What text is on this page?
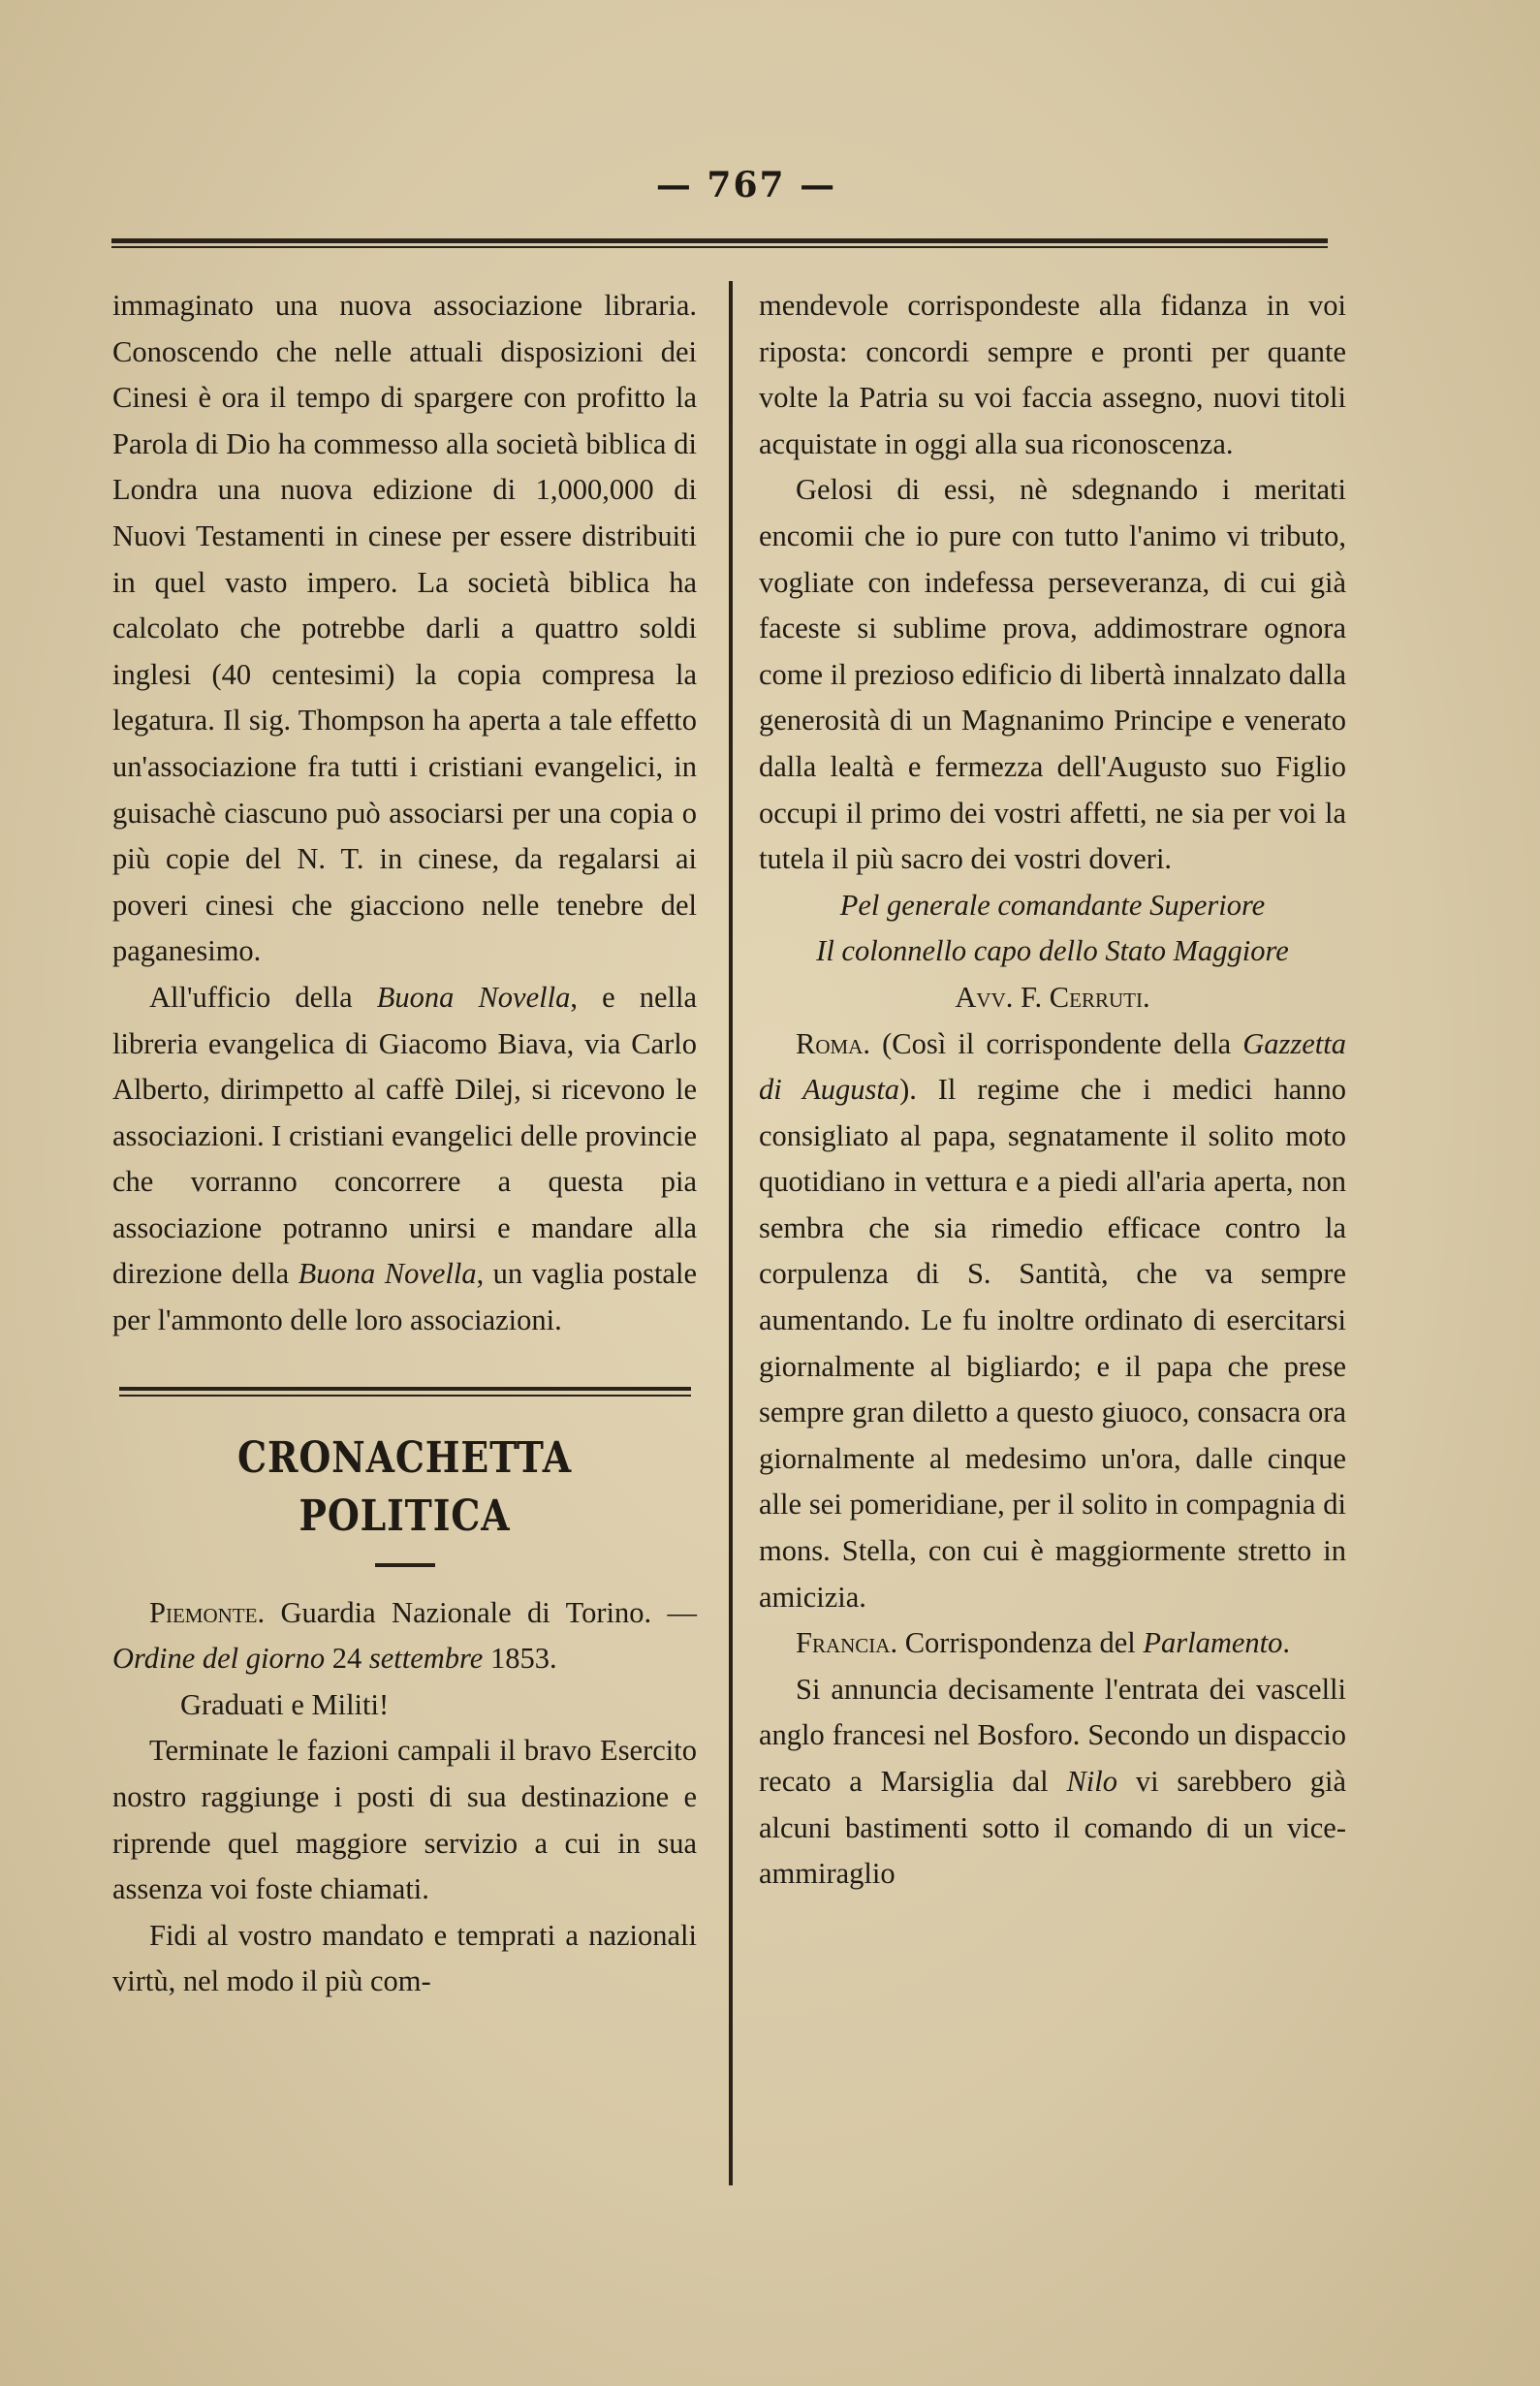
— 767 —

immaginato una nuova associazione libraria. Conoscendo che nelle attuali disposizioni dei Cinesi è ora il tempo di spargere con profitto la Parola di Dio ha commesso alla società biblica di Londra una nuova edizione di 1,000,000 di Nuovi Testamenti in cinese per essere distribuiti in quel vasto impero. La società biblica ha calcolato che potrebbe darli a quattro soldi inglesi (40 centesimi) la copia compresa la legatura. Il sig. Thompson ha aperta a tale effetto un'associazione fra tutti i cristiani evangelici, in guisachè ciascuno può associarsi per una copia o più copie del N. T. in cinese, da regalarsi ai poveri cinesi che giacciono nelle tenebre del paganesimo.

All'ufficio della Buona Novella, e nella libreria evangelica di Giacomo Biava, via Carlo Alberto, dirimpetto al caffè Dilej, si ricevono le associazioni. I cristiani evangelici delle provincie che vorranno concorrere a questa pia associazione potranno unirsi e mandare alla direzione della Buona Novella, un vaglia postale per l'ammonto delle loro associazioni.

CRONACHETTA POLITICA

Piemonte. Guardia Nazionale di Torino. — Ordine del giorno 24 settembre 1853.

Graduati e Militi!

Terminate le fazioni campali il bravo Esercito nostro raggiunge i posti di sua destinazione e riprende quel maggiore servizio a cui in sua assenza voi foste chiamati.

Fidi al vostro mandato e temprati a nazionali virtù, nel modo il più com-

mendevole corrispondeste alla fidanza in voi riposta: concordi sempre e pronti per quante volte la Patria su voi faccia assegno, nuovi titoli acquistate in oggi alla sua riconoscenza.

Gelosi di essi, nè sdegnando i meritati encomii che io pure con tutto l'animo vi tributo, vogliate con indefessa perseveranza, di cui già faceste si sublime prova, addimostrare ognora come il prezioso edificio di libertà innalzato dalla generosità di un Magnanimo Principe e venerato dalla lealtà e fermezza dell'Augusto suo Figlio occupi il primo dei vostri affetti, ne sia per voi la tutela il più sacro dei vostri doveri.

Pel generale comandante Superiore

Il colonnello capo dello Stato Maggiore

Avv. F. Cerruti.

Roma. (Così il corrispondente della Gazzetta di Augusta). Il regime che i medici hanno consigliato al papa, segnatamente il solito moto quotidiano in vettura e a piedi all'aria aperta, non sembra che sia rimedio efficace contro la corpulenza di S. Santità, che va sempre aumentando. Le fu inoltre ordinato di esercitarsi giornalmente al bigliardo; e il papa che prese sempre gran diletto a questo giuoco, consacra ora giornalmente al medesimo un'ora, dalle cinque alle sei pomeridiane, per il solito in compagnia di mons. Stella, con cui è maggiormente stretto in amicizia.

Francia. Corrispondenza del Parlamento.

Si annuncia decisamente l'entrata dei vascelli anglo francesi nel Bosforo. Secondo un dispaccio recato a Marsiglia dal Nilo vi sarebbero già alcuni bastimenti sotto il comando di un vice-ammiraglio
